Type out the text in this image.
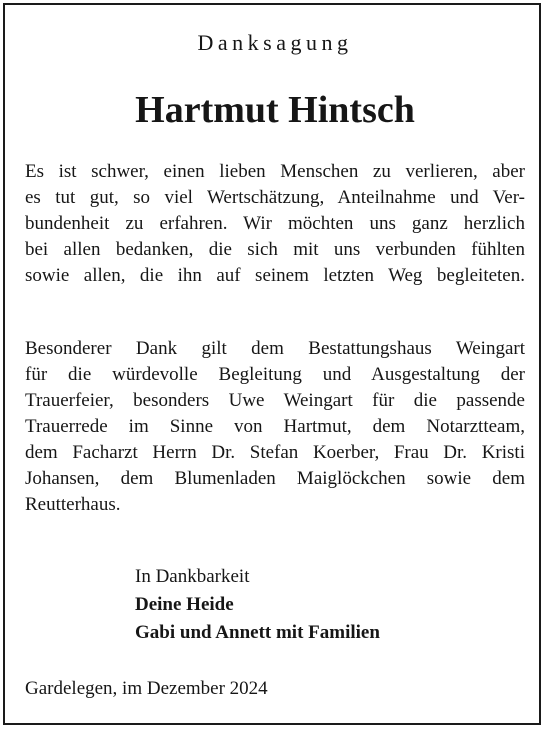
Danksagung
Hartmut Hintsch
Es ist schwer, einen lieben Menschen zu verlieren, aber
es tut gut, so viel Wertschätzung, Anteilnahme und Ver-
bundenheit zu erfahren. Wir möchten uns ganz herzlich
bei allen bedanken, die sich mit uns verbunden fühlten
sowie allen, die ihn auf seinem letzten Weg begleiteten.
Besonderer Dank gilt dem Bestattungshaus Weingart
für die würdevolle Begleitung und Ausgestaltung der
Trauerfeier, besonders Uwe Weingart für die passende
Trauerrede im Sinne von Hartmut, dem Notarztteam,
dem Facharzt Herrn Dr. Stefan Koerber, Frau Dr. Kristi
Johansen, dem Blumenladen Maiglöckchen sowie dem
Reutterhaus.
In Dankbarkeit
Deine Heide
Gabi und Annett mit Familien
Gardelegen, im Dezember 2024
